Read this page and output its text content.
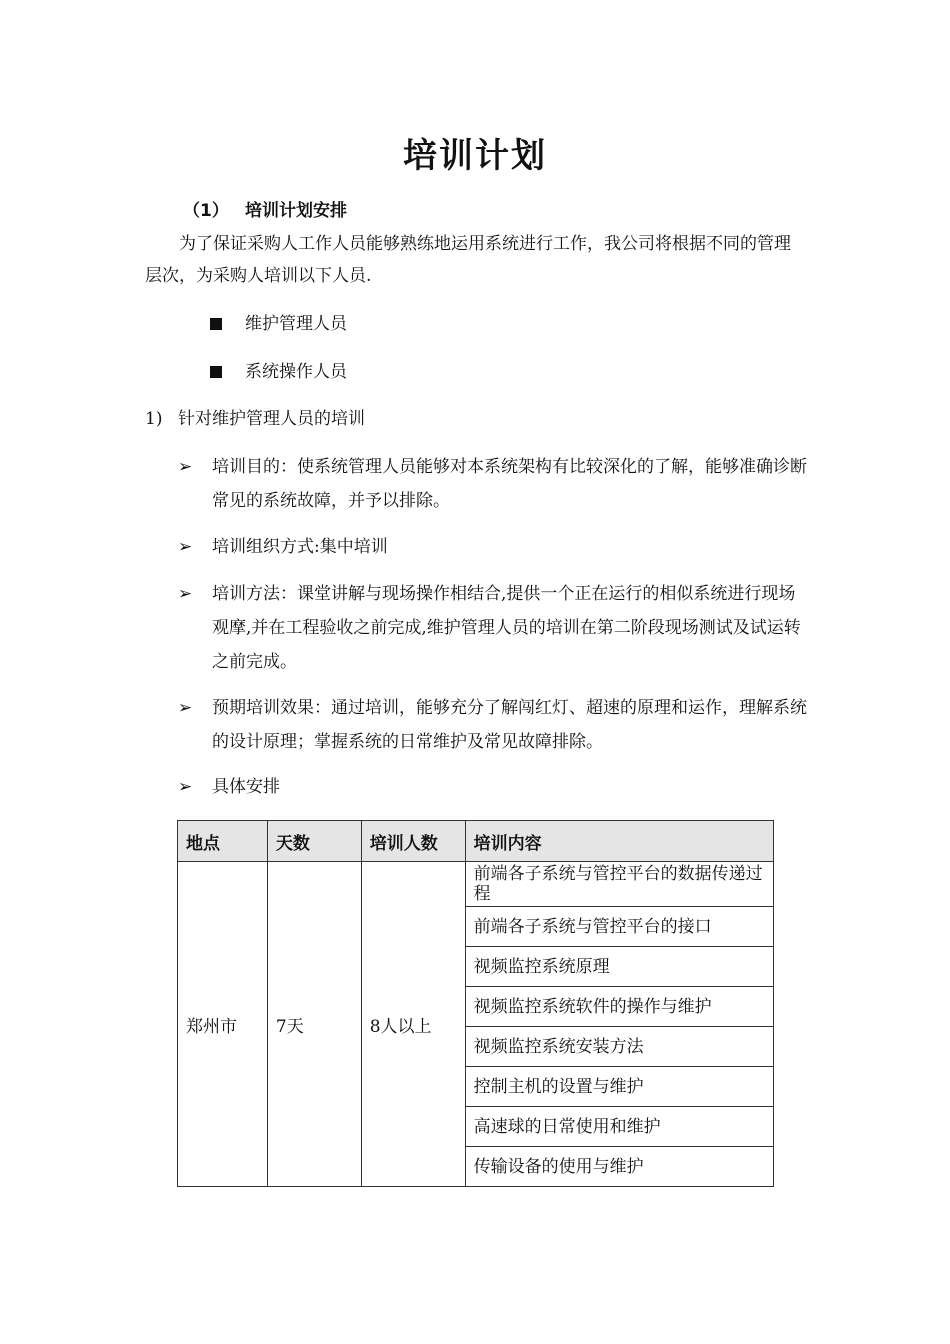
培训计划
（1） 培训计划安排
为了保证采购人工作人员能够熟练地运用系统进行工作，我公司将根据不同的管理层次，为采购人培训以下人员.
维护管理人员
系统操作人员
1) 针对维护管理人员的培训
➢ 培训目的：使系统管理人员能够对本系统架构有比较深化的了解，能够准确诊断常见的系统故障，并予以排除。
➢ 培训组织方式:集中培训
➢ 培训方法：课堂讲解与现场操作相结合,提供一个正在运行的相似系统进行现场观摩,并在工程验收之前完成,维护管理人员的培训在第二阶段现场测试及试运转之前完成。
➢ 预期培训效果：通过培训，能够充分了解闯红灯、超速的原理和运作，理解系统的设计原理；掌握系统的日常维护及常见故障排除。
➢ 具体安排
地点	天数	培训人数	培训内容
郑州市	7天	8人以上	前端各子系统与管控平台的数据传递过程
			前端各子系统与管控平台的接口
			视频监控系统原理
			视频监控系统软件的操作与维护
			视频监控系统安装方法
			控制主机的设置与维护
			高速球的日常使用和维护
			传输设备的使用与维护
